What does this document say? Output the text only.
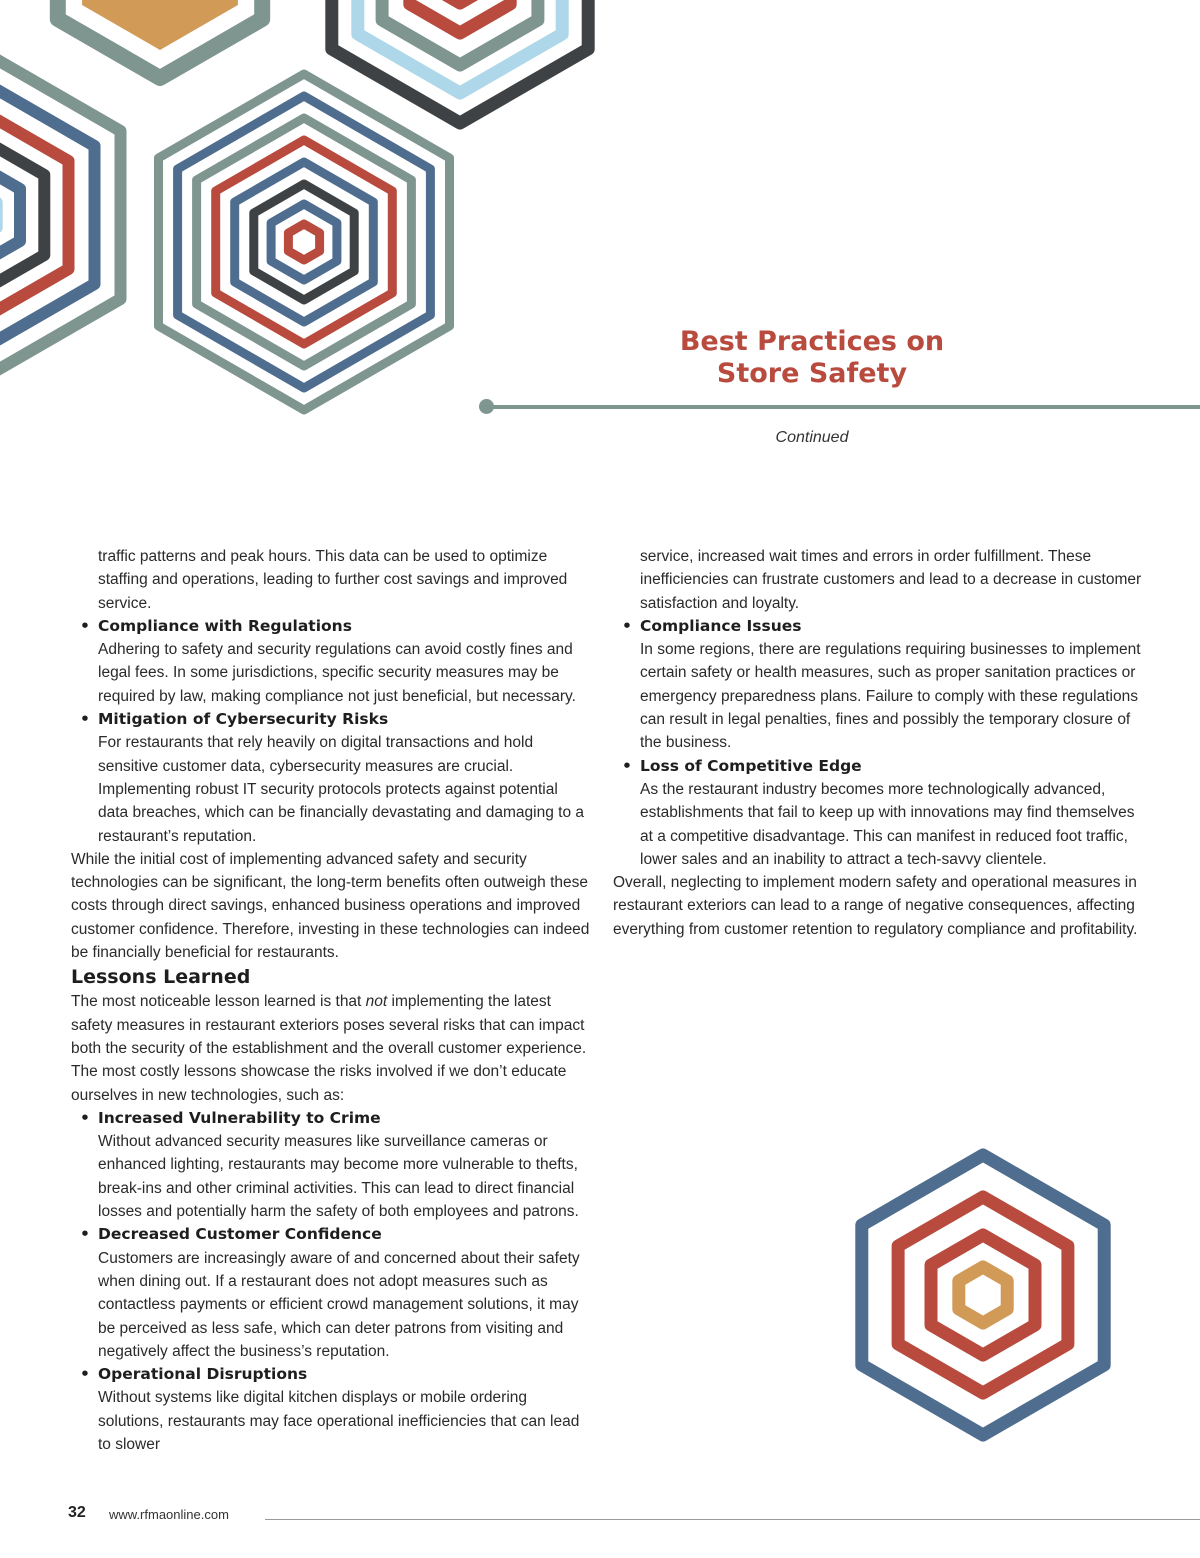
Best Practices on
Store Safety
Continued

traffic patterns and peak hours. This data can be used to optimize staffing and operations, leading to further cost savings and improved service.

• Compliance with Regulations

Adhering to safety and security regulations can avoid costly fines and legal fees. In some jurisdictions, specific security measures may be required by law, making compliance not just beneficial, but necessary.

• Mitigation of Cybersecurity Risks

For restaurants that rely heavily on digital transactions and hold sensitive customer data, cybersecurity measures are crucial. Implementing robust IT security protocols protects against potential data breaches, which can be financially devastating and damaging to a restaurant’s reputation.

While the initial cost of implementing advanced safety and security technologies can be significant, the long-term benefits often outweigh these costs through direct savings, enhanced business operations and improved customer confidence. Therefore, investing in these technologies can indeed be financially beneficial for restaurants.

Lessons Learned

The most noticeable lesson learned is that not implementing the latest safety measures in restaurant exteriors poses several risks that can impact both the security of the establishment and the overall customer experience. The most costly lessons showcase the risks involved if we don’t educate ourselves in new technologies, such as:

• Increased Vulnerability to Crime

Without advanced security measures like surveillance cameras or enhanced lighting, restaurants may become more vulnerable to thefts, break-ins and other criminal activities. This can lead to direct financial losses and potentially harm the safety of both employees and patrons.

• Decreased Customer Confidence

Customers are increasingly aware of and concerned about their safety when dining out. If a restaurant does not adopt measures such as contactless payments or efficient crowd management solutions, it may be perceived as less safe, which can deter patrons from visiting and negatively affect the business’s reputation.

• Operational Disruptions

Without systems like digital kitchen displays or mobile ordering solutions, restaurants may face operational inefficiencies that can lead to slower

service, increased wait times and errors in order fulfillment. These inefficiencies can frustrate customers and lead to a decrease in customer satisfaction and loyalty.

• Compliance Issues

In some regions, there are regulations requiring businesses to implement certain safety or health measures, such as proper sanitation practices or emergency preparedness plans. Failure to comply with these regulations can result in legal penalties, fines and possibly the temporary closure of the business.

• Loss of Competitive Edge

As the restaurant industry becomes more technologically advanced, establishments that fail to keep up with innovations may find themselves at a competitive disadvantage. This can manifest in reduced foot traffic, lower sales and an inability to attract a tech-savvy clientele.

Overall, neglecting to implement modern safety and operational measures in restaurant exteriors can lead to a range of negative consequences, affecting everything from customer retention to regulatory compliance and profitability.

32 www.rfmaonline.com
